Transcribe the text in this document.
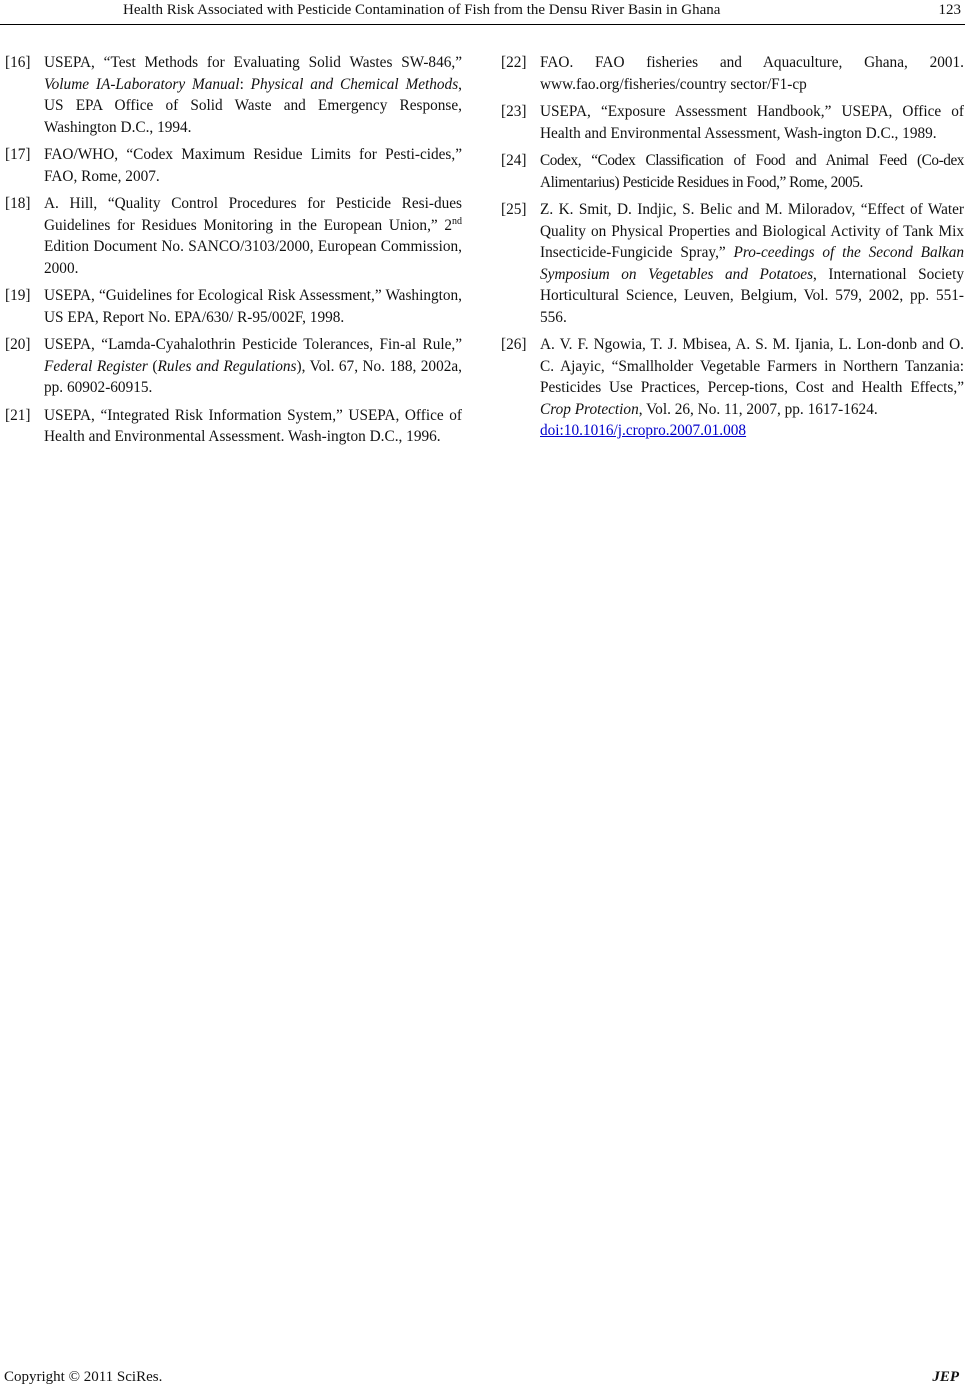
Health Risk Associated with Pesticide Contamination of Fish from the Densu River Basin in Ghana	123
[16] USEPA, “Test Methods for Evaluating Solid Wastes SW-846,” Volume IA-Laboratory Manual: Physical and Chemical Methods, US EPA Office of Solid Waste and Emergency Response, Washington D.C., 1994.
[17] FAO/WHO, “Codex Maximum Residue Limits for Pesti-cides,” FAO, Rome, 2007.
[18] A. Hill, “Quality Control Procedures for Pesticide Resi-dues Guidelines for Residues Monitoring in the European Union,” 2nd Edition Document No. SANCO/3103/2000, European Commission, 2000.
[19] USEPA, “Guidelines for Ecological Risk Assessment,” Washington, US EPA, Report No. EPA/630/ R-95/002F, 1998.
[20] USEPA, “Lamda-Cyahalothrin Pesticide Tolerances, Fin-al Rule,” Federal Register (Rules and Regulations), Vol. 67, No. 188, 2002a, pp. 60902-60915.
[21] USEPA, “Integrated Risk Information System,” USEPA, Office of Health and Environmental Assessment. Wash-ington D.C., 1996.
[22] FAO. FAO fisheries and Aquaculture, Ghana, 2001. www.fao.org/fisheries/country sector/F1-cp
[23] USEPA, “Exposure Assessment Handbook,” USEPA, Office of Health and Environmental Assessment, Wash-ington D.C., 1989.
[24] Codex, “Codex Classification of Food and Animal Feed (Co-dex Alimentarius) Pesticide Residues in Food,” Rome, 2005.
[25] Z. K. Smit, D. Indjic, S. Belic and M. Miloradov, “Effect of Water Quality on Physical Properties and Biological Activity of Tank Mix Insecticide-Fungicide Spray,” Pro-ceedings of the Second Balkan Symposium on Vegetables and Potatoes, International Society Horticultural Science, Leuven, Belgium, Vol. 579, 2002, pp. 551-556.
[26] A. V. F. Ngowia, T. J. Mbisea, A. S. M. Ijania, L. Lon-donb and O. C. Ajayic, “Smallholder Vegetable Farmers in Northern Tanzania: Pesticides Use Practices, Percep-tions, Cost and Health Effects,” Crop Protection, Vol. 26, No. 11, 2007, pp. 1617-1624.
doi:10.1016/j.cropro.2007.01.008
Copyright © 2011 SciRes.	JEP
